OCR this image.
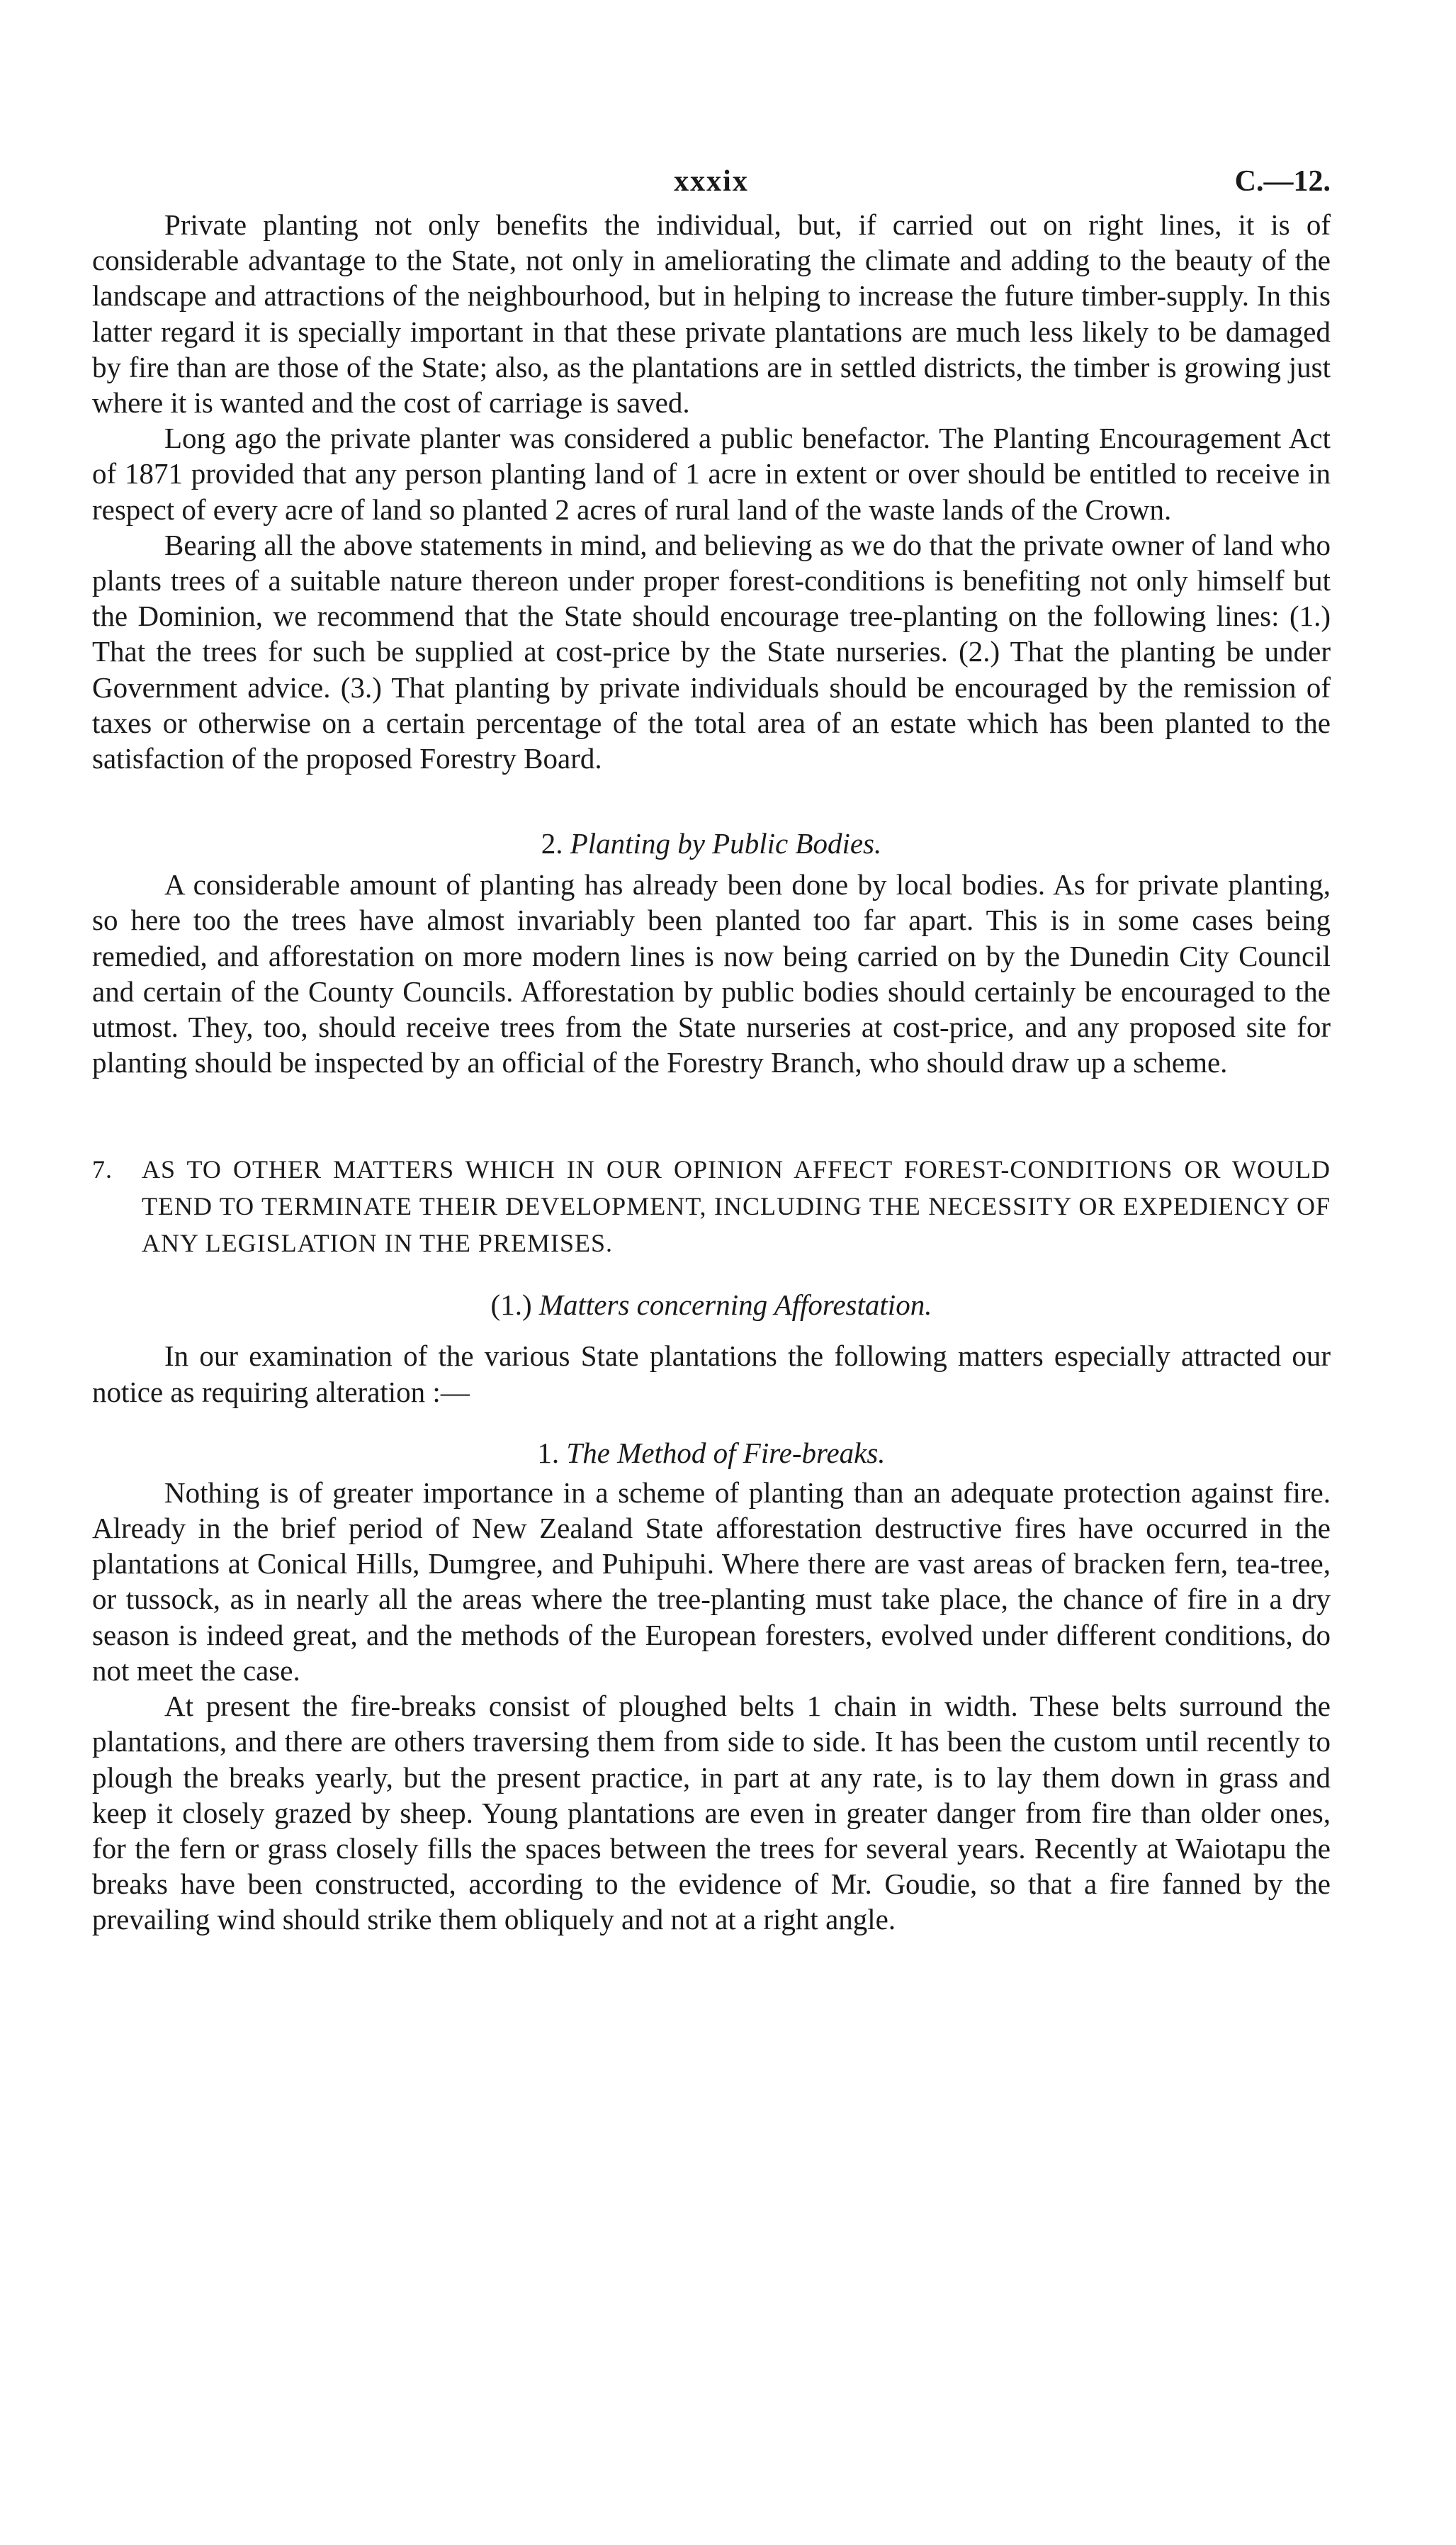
xxxix	C.—12.

Private planting not only benefits the individual, but, if carried out on right lines, it is of considerable advantage to the State, not only in ameliorating the climate and adding to the beauty of the landscape and attractions of the neighbourhood, but in helping to increase the future timber-supply. In this latter regard it is specially important in that these private plantations are much less likely to be damaged by fire than are those of the State; also, as the plantations are in settled districts, the timber is growing just where it is wanted and the cost of carriage is saved.

Long ago the private planter was considered a public benefactor. The Planting Encouragement Act of 1871 provided that any person planting land of 1 acre in extent or over should be entitled to receive in respect of every acre of land so planted 2 acres of rural land of the waste lands of the Crown.

Bearing all the above statements in mind, and believing as we do that the private owner of land who plants trees of a suitable nature thereon under proper forest-conditions is benefiting not only himself but the Dominion, we recommend that the State should encourage tree-planting on the following lines: (1.) That the trees for such be supplied at cost-price by the State nurseries. (2.) That the planting be under Government advice. (3.) That planting by private individuals should be encouraged by the remission of taxes or otherwise on a certain percentage of the total area of an estate which has been planted to the satisfaction of the proposed Forestry Board.

2. Planting by Public Bodies.

A considerable amount of planting has already been done by local bodies. As for private planting, so here too the trees have almost invariably been planted too far apart. This is in some cases being remedied, and afforestation on more modern lines is now being carried on by the Dunedin City Council and certain of the County Councils. Afforestation by public bodies should certainly be encouraged to the utmost. They, too, should receive trees from the State nurseries at cost-price, and any proposed site for planting should be inspected by an official of the Forestry Branch, who should draw up a scheme.

7. AS TO OTHER MATTERS WHICH IN OUR OPINION AFFECT FOREST-CONDITIONS OR WOULD TEND TO TERMINATE THEIR DEVELOPMENT, INCLUDING THE NECESSITY OR EXPEDIENCY OF ANY LEGISLATION IN THE PREMISES.

(1.) Matters concerning Afforestation.

In our examination of the various State plantations the following matters especially attracted our notice as requiring alteration :—

1. The Method of Fire-breaks.

Nothing is of greater importance in a scheme of planting than an adequate protection against fire. Already in the brief period of New Zealand State afforestation destructive fires have occurred in the plantations at Conical Hills, Dumgree, and Puhipuhi. Where there are vast areas of bracken fern, tea-tree, or tussock, as in nearly all the areas where the tree-planting must take place, the chance of fire in a dry season is indeed great, and the methods of the European foresters, evolved under different conditions, do not meet the case.

At present the fire-breaks consist of ploughed belts 1 chain in width. These belts surround the plantations, and there are others traversing them from side to side. It has been the custom until recently to plough the breaks yearly, but the present practice, in part at any rate, is to lay them down in grass and keep it closely grazed by sheep. Young plantations are even in greater danger from fire than older ones, for the fern or grass closely fills the spaces between the trees for several years. Recently at Waiotapu the breaks have been constructed, according to the evidence of Mr. Goudie, so that a fire fanned by the prevailing wind should strike them obliquely and not at a right angle.
